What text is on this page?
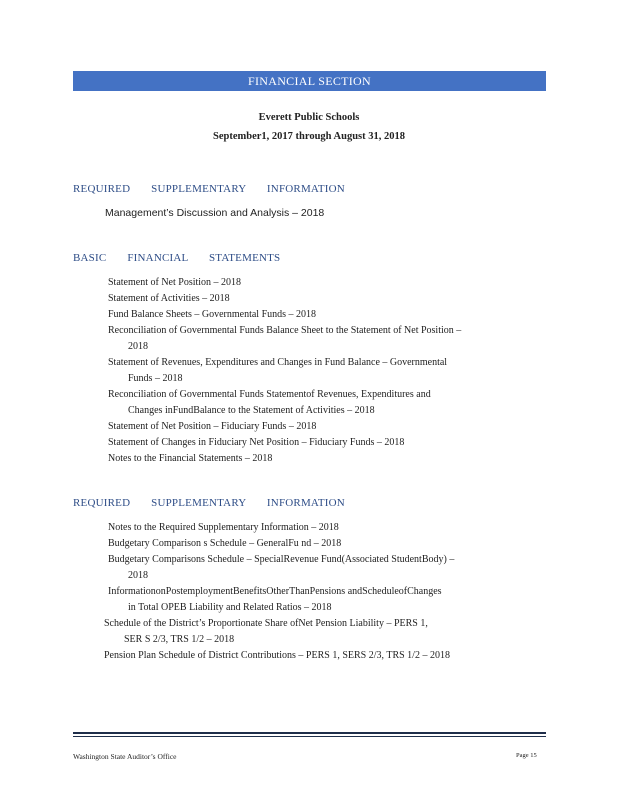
FINANCIAL SECTION
Everett Public Schools
September1, 2017 through August 31, 2018
REQUIRED SUPPLEMENTARY INFORMATION
Management’s Discussion and Analysis – 2018
BASIC FINANCIAL STATEMENTS
Statement of Net Position – 2018
Statement of Activities – 2018
Fund Balance Sheets – Governmental Funds – 2018
Reconciliation of Governmental Funds Balance Sheet to the Statement of Net Position –
2018
Statement of Revenues, Expenditures and Changes in Fund Balance – Governmental
Funds – 2018
Reconciliation of Governmental Funds Statementof Revenues, Expenditures and
Changes inFundBalance to the Statement of Activities – 2018
Statement of Net Position – Fiduciary Funds – 2018
Statement of Changes in Fiduciary Net Position – Fiduciary Funds – 2018
Notes to the Financial Statements – 2018
REQUIRED SUPPLEMENTARY INFORMATION
Notes to the Required Supplementary Information – 2018
Budgetary Comparison s Schedule – GeneralFu nd – 2018
Budgetary Comparisons Schedule – SpecialRevenue Fund(Associated StudentBody) –
2018
InformationonPostemploymentBenefitsOtherThanPensions andScheduleofChanges
in Total OPEB Liability and Related Ratios – 2018
Schedule of the District’s Proportionate Share ofNet Pension Liability – PERS 1,
SER S 2/3, TRS 1/2 – 2018
Pension Plan Schedule of District Contributions – PERS 1, SERS 2/3, TRS 1/2 – 2018
Washington State Auditor’s Office	Page 15
